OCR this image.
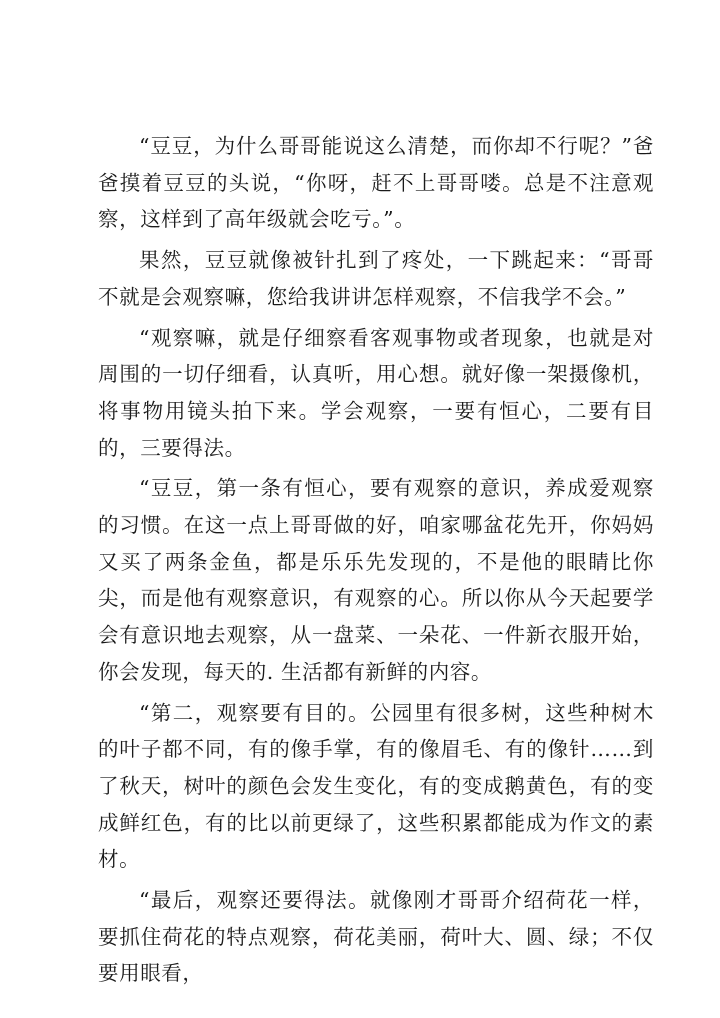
“豆豆，为什么哥哥能说这么清楚，而你却不行呢？”爸爸摸着豆豆的头说，“你呀，赶不上哥哥喽。总是不注意观察，这样到了高年级就会吃亏。”。

果然，豆豆就像被针扎到了疼处，一下跳起来：“哥哥不就是会观察嘛，您给我讲讲怎样观察，不信我学不会。”

“观察嘛，就是仔细察看客观事物或者现象，也就是对周围的一切仔细看，认真听，用心想。就好像一架摄像机，将事物用镜头拍下来。学会观察，一要有恒心，二要有目的，三要得法。

“豆豆，第一条有恒心，要有观察的意识，养成爱观察的习惯。在这一点上哥哥做的好，咱家哪盆花先开，你妈妈又买了两条金鱼，都是乐乐先发现的，不是他的眼睛比你尖，而是他有观察意识，有观察的心。所以你从今天起要学会有意识地去观察，从一盘菜、一朵花、一件新衣服开始，你会发现，每天的. 生活都有新鲜的内容。

“第二，观察要有目的。公园里有很多树，这些种树木的叶子都不同，有的像手掌，有的像眉毛、有的像针……到了秋天，树叶的颜色会发生变化，有的变成鹅黄色，有的变成鲜红色，有的比以前更绿了，这些积累都能成为作文的素材。

“最后，观察还要得法。就像刚才哥哥介绍荷花一样，要抓住荷花的特点观察，荷花美丽，荷叶大、圆、绿；不仅要用眼看，
